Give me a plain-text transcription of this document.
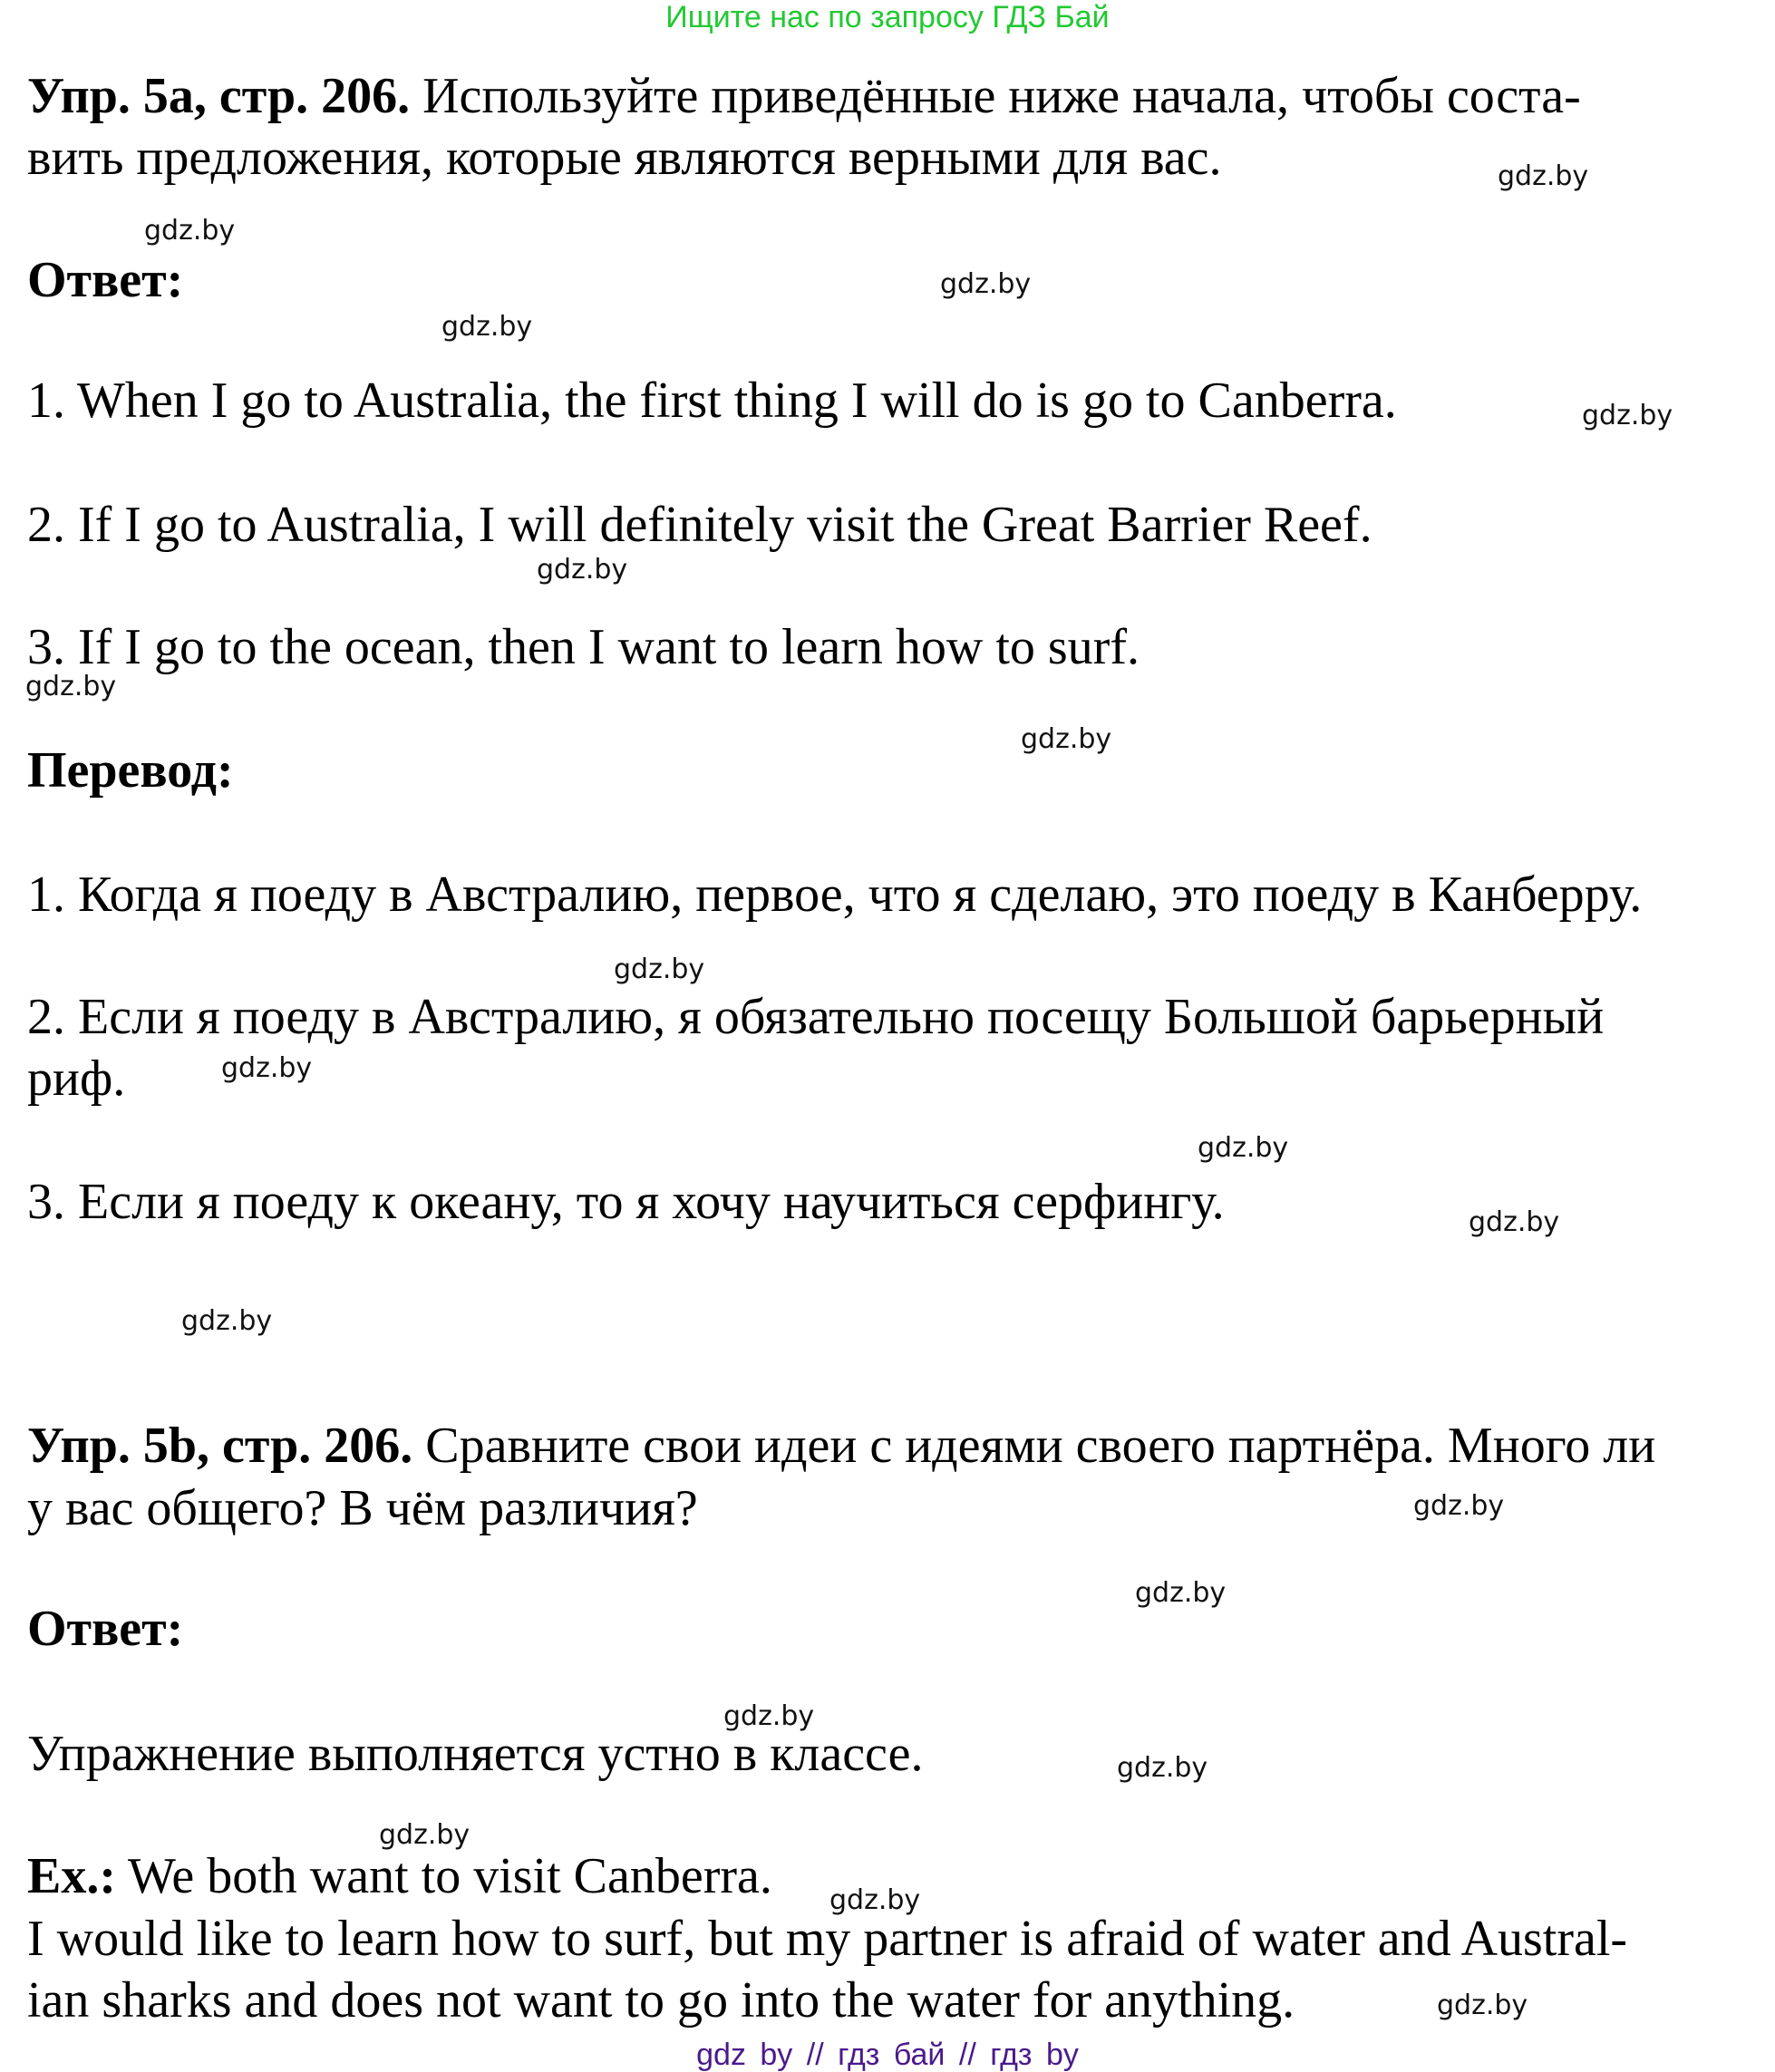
Ищите нас по запросу ГДЗ Бай
Упр. 5a, стр. 206. Используйте приведённые ниже начала, чтобы соста-
вить предложения, которые являются верными для вас.
Ответ:
1. When I go to Australia, the first thing I will do is go to Canberra.
2. If I go to Australia, I will definitely visit the Great Barrier Reef.
3. If I go to the ocean, then I want to learn how to surf.
Перевод:
1. Когда я поеду в Австралию, первое, что я сделаю, это поеду в Канберру.
2. Если я поеду в Австралию, я обязательно посещу Большой барьерный
риф.
3. Если я поеду к океану, то я хочу научиться серфингу.
Упр. 5b, стр. 206. Сравните свои идеи с идеями своего партнёра. Много ли
у вас общего? В чём различия?
Ответ:
Упражнение выполняется устно в классе.
Ex.: We both want to visit Canberra.
I would like to learn how to surf, but my partner is afraid of water and Austral-
ian sharks and does not want to go into the water for anything.
gdz.by
gdz.by
gdz.by
gdz.by
gdz.by
gdz.by
gdz.by
gdz.by
gdz.by
gdz.by
gdz.by
gdz.by
gdz.by
gdz.by
gdz.by
gdz.by
gdz.by
gdz.by
gdz.by
gdz.by
gdz by // гдз бай // гдз by
